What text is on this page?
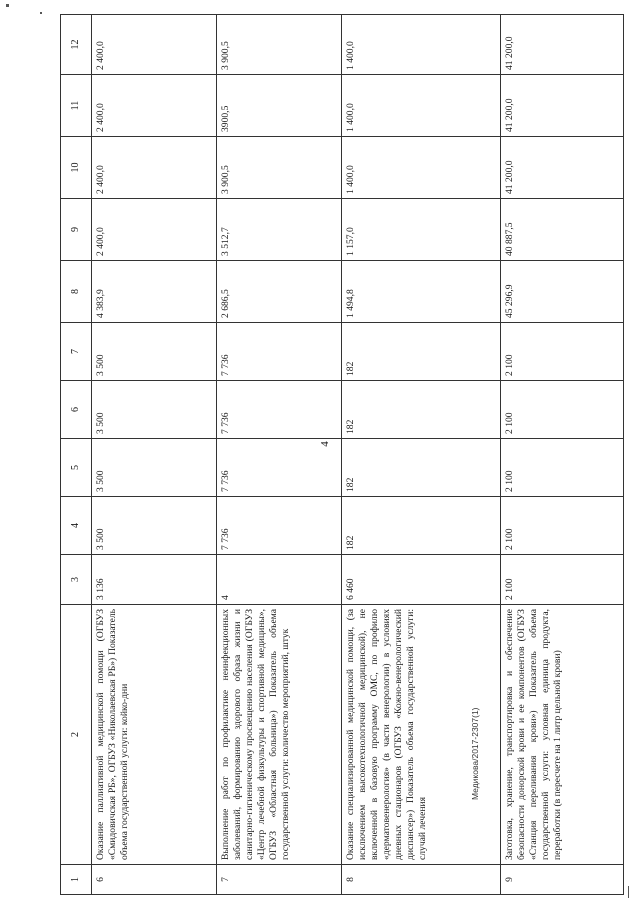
1	2	3	4	5	6	7	8	9	10	11	12
6	Оказание паллиативной медицинской помощи (ОГБУЗ «Смидовичская РБ», ОГБУЗ «Николаевская РБ») Показатель объема государственной услуги: койко-дни	3 136	3 500	3 500	3 500	3 500	4 383,9	2 400,0	2 400,0	2 400,0	2 400,0
7	Выполнение работ по профилактике неинфекционных заболеваний, формированию здорового образа жизни и санитарно-гигиеническому просвещению населения (ОГБУЗ «Центр лечебной физкультуры и спортивной медицины», ОГБУЗ «Областная больница») Показатель объема государственной услуги: количество мероприятий, штук	4	7 736	7 736	7 736	7 736	2 686,5	3 512,7	3 900,5	3900,5	3 900,5
8	Оказание специализированной медицинской помощи, (за исключением высокотехнологичной медицинской), не включенной в базовую программу ОМС, по профилю «дерматовенерология» (в части венерологии) в условиях дневных стационаров (ОГБУЗ «Кожно-венерологический диспансер») Показатель объема государственной услуги: случай лечения	6 460	182	182	182	182	1 494,8	1 157,0	1 400,0	1 400,0	1 400,0
9	Заготовка, хранение, транспортировка и обеспечение безопасности донорской крови и ее компонентов (ОГБУЗ «Станция переливания крови») Показатель объема государственной услуги: условная единица продукта, переработки (в пересчете на 1 литр цельной крови)	2 100	2 100	2 100	2 100	2 100	45 296,9	40 887,5	41 200,0	41 200,0	41 200,0
4
Медикова/2017-2307(1)
